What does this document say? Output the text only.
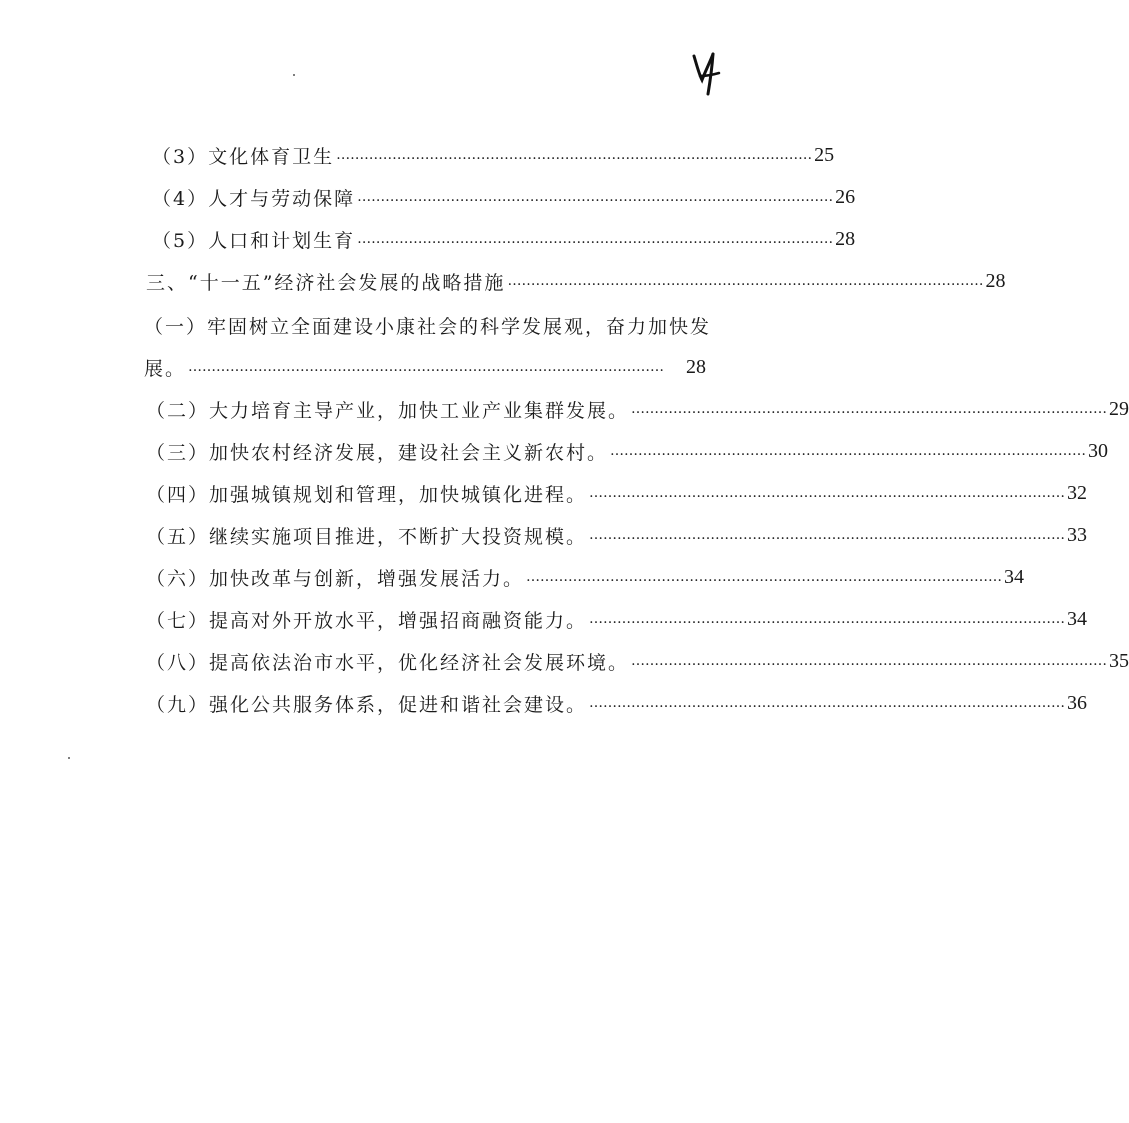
（3）文化体育卫生 ………………………………………………………………………………………… 25
（4）人才与劳动保障 ………………………………………………………………………………………… 26
（5）人口和计划生育 ………………………………………………………………………………………… 28
三、“十一五”经济社会发展的战略措施 ………………………………………………………………………………………… 28
（一）牢固树立全面建设小康社会的科学发展观，奋力加快发
展。 …………………………………………………………………………………………	28
（二）大力培育主导产业，加快工业产业集群发展。 ………………………………………………………………………………………… 29
（三）加快农村经济发展，建设社会主义新农村。 ………………………………………………………………………………………… 30
（四）加强城镇规划和管理，加快城镇化进程。 ………………………………………………………………………………………… 32
（五）继续实施项目推进，不断扩大投资规模。 ………………………………………………………………………………………… 33
（六）加快改革与创新，增强发展活力。 ………………………………………………………………………………………… 34
（七）提高对外开放水平，增强招商融资能力。 ………………………………………………………………………………………… 34
（八）提高依法治市水平，优化经济社会发展环境。 ………………………………………………………………………………………… 35
（九）强化公共服务体系，促进和谐社会建设。 ………………………………………………………………………………………… 36
